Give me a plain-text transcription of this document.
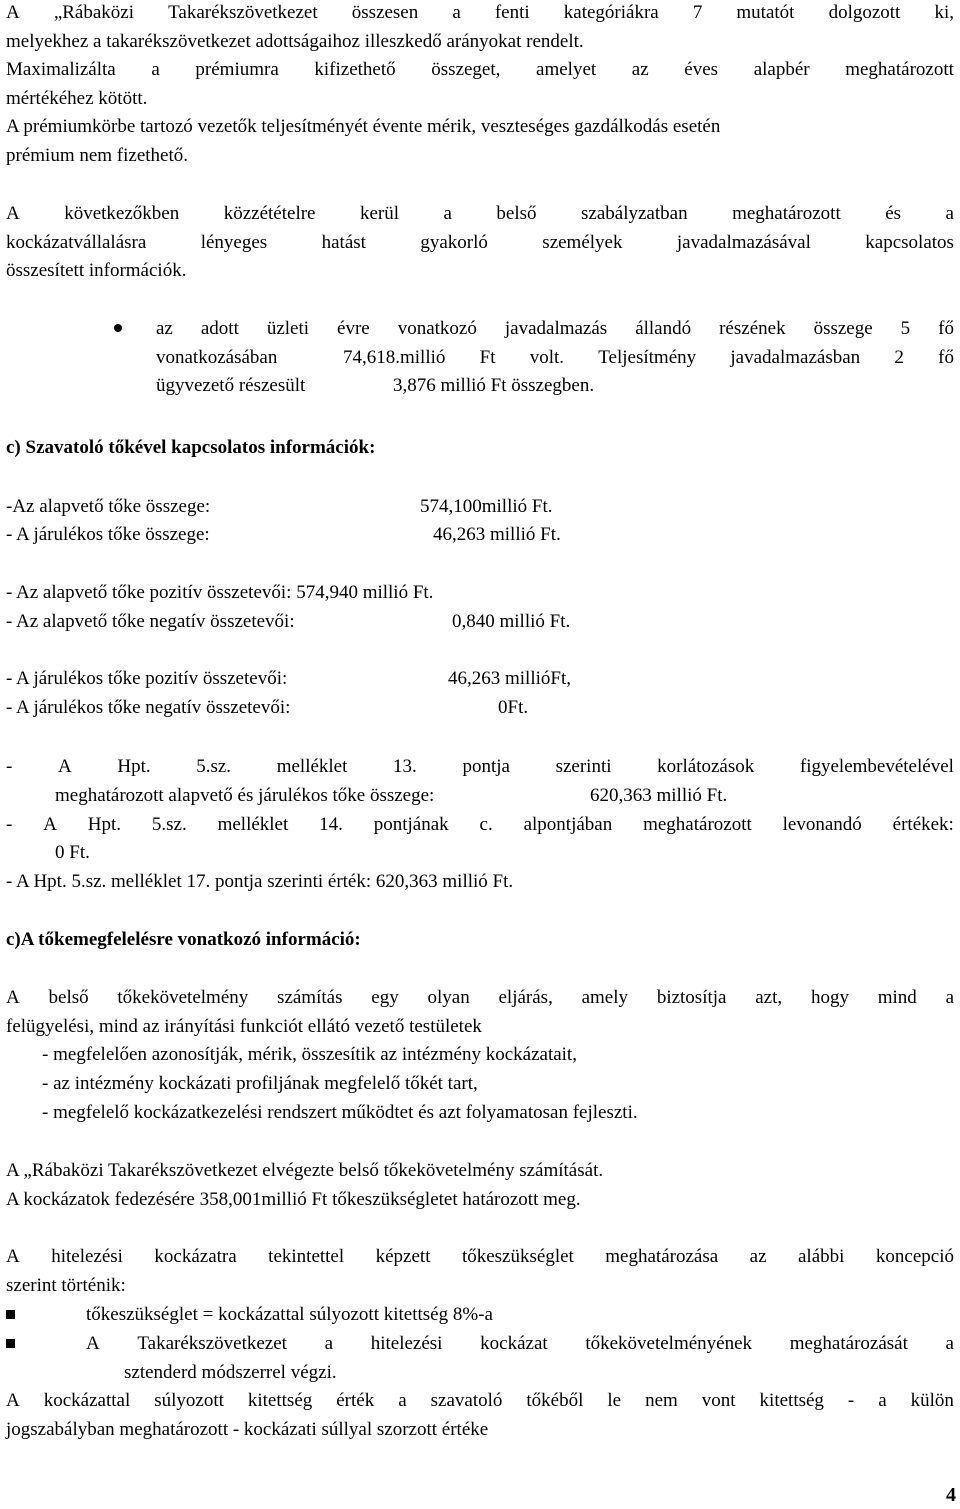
A „Rábaközi Takarékszövetkezet összesen a fenti kategóriákra 7 mutatót dolgozott ki,
melyekhez a takarékszövetkezet adottságaihoz illeszkedő arányokat rendelt.
Maximalizálta a prémiumra kifizethető összeget, amelyet az éves alapbér meghatározott
mértékéhez kötött.
A prémiumkörbe tartozó vezetők teljesítményét évente mérik, veszteséges gazdálkodás esetén
prémium nem fizethető.
A következőkben közzétételre kerül a belső szabályzatban meghatározott és a
kockázatvállalásra	lényeges	hatást	gyakorló	személyek	javadalmazásával	kapcsolatos
összesített információk.
az adott üzleti évre vonatkozó javadalmazás állandó részének összege 5 fő
vonatkozásában	74,618.millió Ft volt. Teljesítmény javadalmazásban 2 fő
ügyvezető részesült	3,876 millió Ft összegben.
c) Szavatoló tőkével kapcsolatos információk:
-Az alapvető tőke összege:	574,100millió Ft.
- A járulékos tőke összege:	46,263 millió Ft.
- Az alapvető tőke pozitív összetevői: 574,940 millió Ft.
- Az alapvető tőke negatív összetevői:	0,840 millió Ft.
- A járulékos tőke pozitív összetevői:	46,263 millióFt,
- A járulékos tőke negatív összetevői:	0Ft.
- A Hpt. 5.sz. melléklet 13. pontja szerinti korlátozások figyelembevételével
meghatározott alapvető és járulékos tőke összege:	620,363 millió Ft.
- A Hpt. 5.sz. melléklet 14. pontjának c. alpontjában meghatározott levonandó értékek:
0 Ft.
- A Hpt. 5.sz. melléklet 17. pontja szerinti érték: 620,363 millió Ft.
c)A tőkemegfelelésre vonatkozó információ:
A belső tőkekövetelmény számítás egy olyan eljárás, amely biztosítja azt, hogy mind a
felügyelési, mind az irányítási funkciót ellátó vezető testületek
- megfelelően azonosítják, mérik, összesítik az intézmény kockázatait,
- az intézmény kockázati profiljának megfelelő tőkét tart,
- megfelelő kockázatkezelési rendszert működtet és azt folyamatosan fejleszti.
A „Rábaközi Takarékszövetkezet elvégezte belső tőkekövetelmény számítását.
A kockázatok fedezésére 358,001millió Ft tőkeszükségletet határozott meg.
A hitelezési kockázatra tekintettel képzett tőkeszükséglet meghatározása az alábbi koncepció
szerint történik:
tőkeszükséglet = kockázattal súlyozott kitettség 8%-a
A Takarékszövetkezet a hitelezési kockázat tőkekövetelményének meghatározását a
sztenderd módszerrel végzi.
A kockázattal súlyozott kitettség érték a szavatoló tőkéből le nem vont kitettség - a külön
jogszabályban meghatározott - kockázati súllyal szorzott értéke
4
